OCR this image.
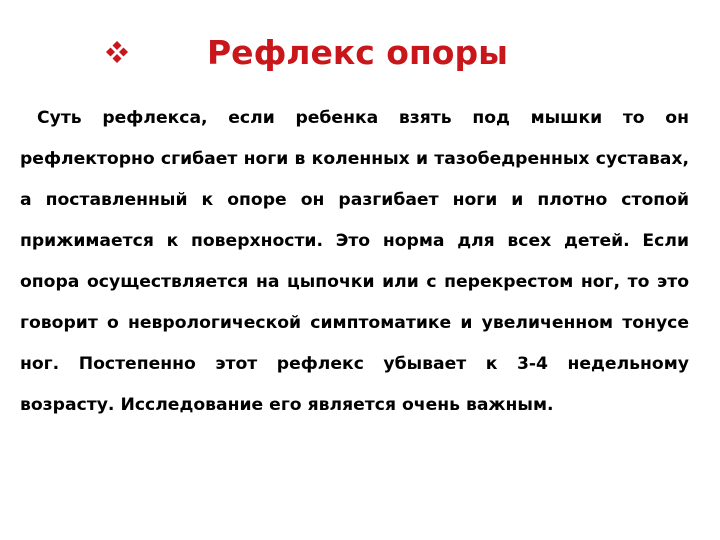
Рефлекс опоры

Суть рефлекса, если ребенка взять под мышки то он рефлекторно сгибает ноги в коленных и тазобедренных суставах, а поставленный к опоре он разгибает ноги и плотно стопой прижимается к поверхности. Это норма для всех детей. Если опора осуществляется на цыпочки или с перекрестом ног, то это говорит о неврологической симптоматике и увеличенном тонусе ног. Постепенно этот рефлекс убывает к 3-4 недельному возрасту. Исследование его является очень важным.
